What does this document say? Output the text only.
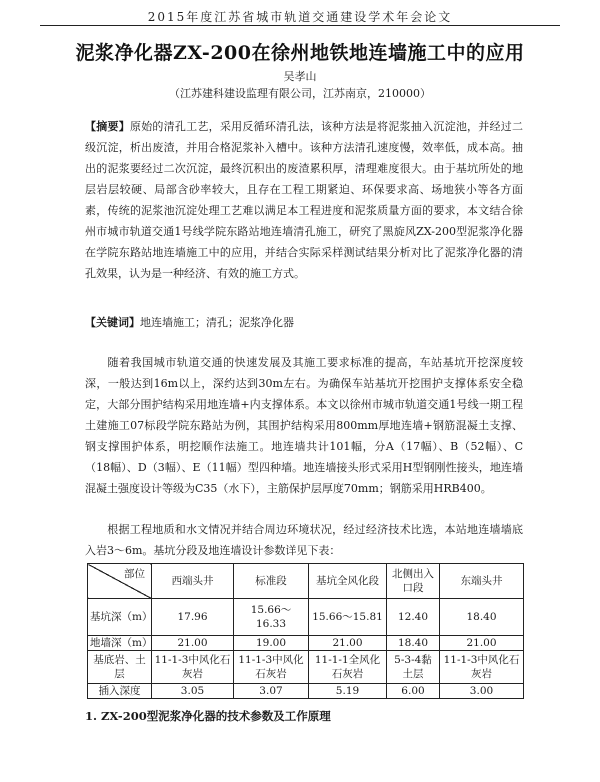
2015年度江苏省城市轨道交通建设学术年会论文
泥浆净化器ZX-200在徐州地铁地连墙施工中的应用
吴孝山
（江苏建科建设监理有限公司，江苏南京，210000）

【摘要】原始的清孔工艺，采用反循环清孔法，该种方法是将泥浆抽入沉淀池，并经过二级沉淀，析出废渣，并用合格泥浆补入槽中。该种方法清孔速度慢，效率低，成本高。抽出的泥浆要经过二次沉淀，最终沉积出的废渣累积厚，清理难度很大。由于基坑所处的地层岩层较硬、局部含砂率较大，且存在工程工期紧迫、环保要求高、场地狭小等各方面素，传统的泥浆池沉淀处理工艺难以满足本工程进度和泥浆质量方面的要求，本文结合徐州市城市轨道交通1号线学院东路站地连墙清孔施工，研究了黑旋风ZX-200型泥浆净化器在学院东路站地连墙施工中的应用，并结合实际采样测试结果分析对比了泥浆净化器的清孔效果，认为是一种经济、有效的施工方式。

【关键词】地连墙施工；清孔；泥浆净化器

随着我国城市轨道交通的快速发展及其施工要求标准的提高，车站基坑开挖深度较深，一般达到16m以上，深约达到30m左右。为确保车站基坑开挖围护支撑体系安全稳定，大部分围护结构采用地连墙+内支撑体系。本文以徐州市城市轨道交通1号线一期工程土建施工07标段学院东路站为例，其围护结构采用800mm厚地连墙+钢筋混凝土支撑、钢支撑围护体系，明挖顺作法施工。地连墙共计101幅，分A（17幅）、B（52幅）、C（18幅）、D（3幅）、E（11幅）型四种墙。地连墙接头形式采用H型钢刚性接头，地连墙混凝土强度设计等级为C35（水下），主筋保护层厚度70mm；钢筋采用HRB400。

根据工程地质和水文情况并结合周边环境状况，经过经济技术比选，本站地连墙墙底入岩3～6m。基坑分段及地连墙设计参数详见下表：

部位	西端头井	标准段	基坑全风化段	北侧出入口段	东端头井
基坑深（m）	17.96	15.66～16.33	15.66～15.81	12.40	18.40
地墙深（m）	21.00	19.00	21.00	18.40	21.00
基底岩、土层	11-1-3中风化石灰岩	11-1-3中风化石灰岩	11-1-1全风化石灰岩	5-3-4黏土层	11-1-3中风化石灰岩
插入深度	3.05	3.07	5.19	6.00	3.00
1. ZX-200型泥浆净化器的技术参数及工作原理
